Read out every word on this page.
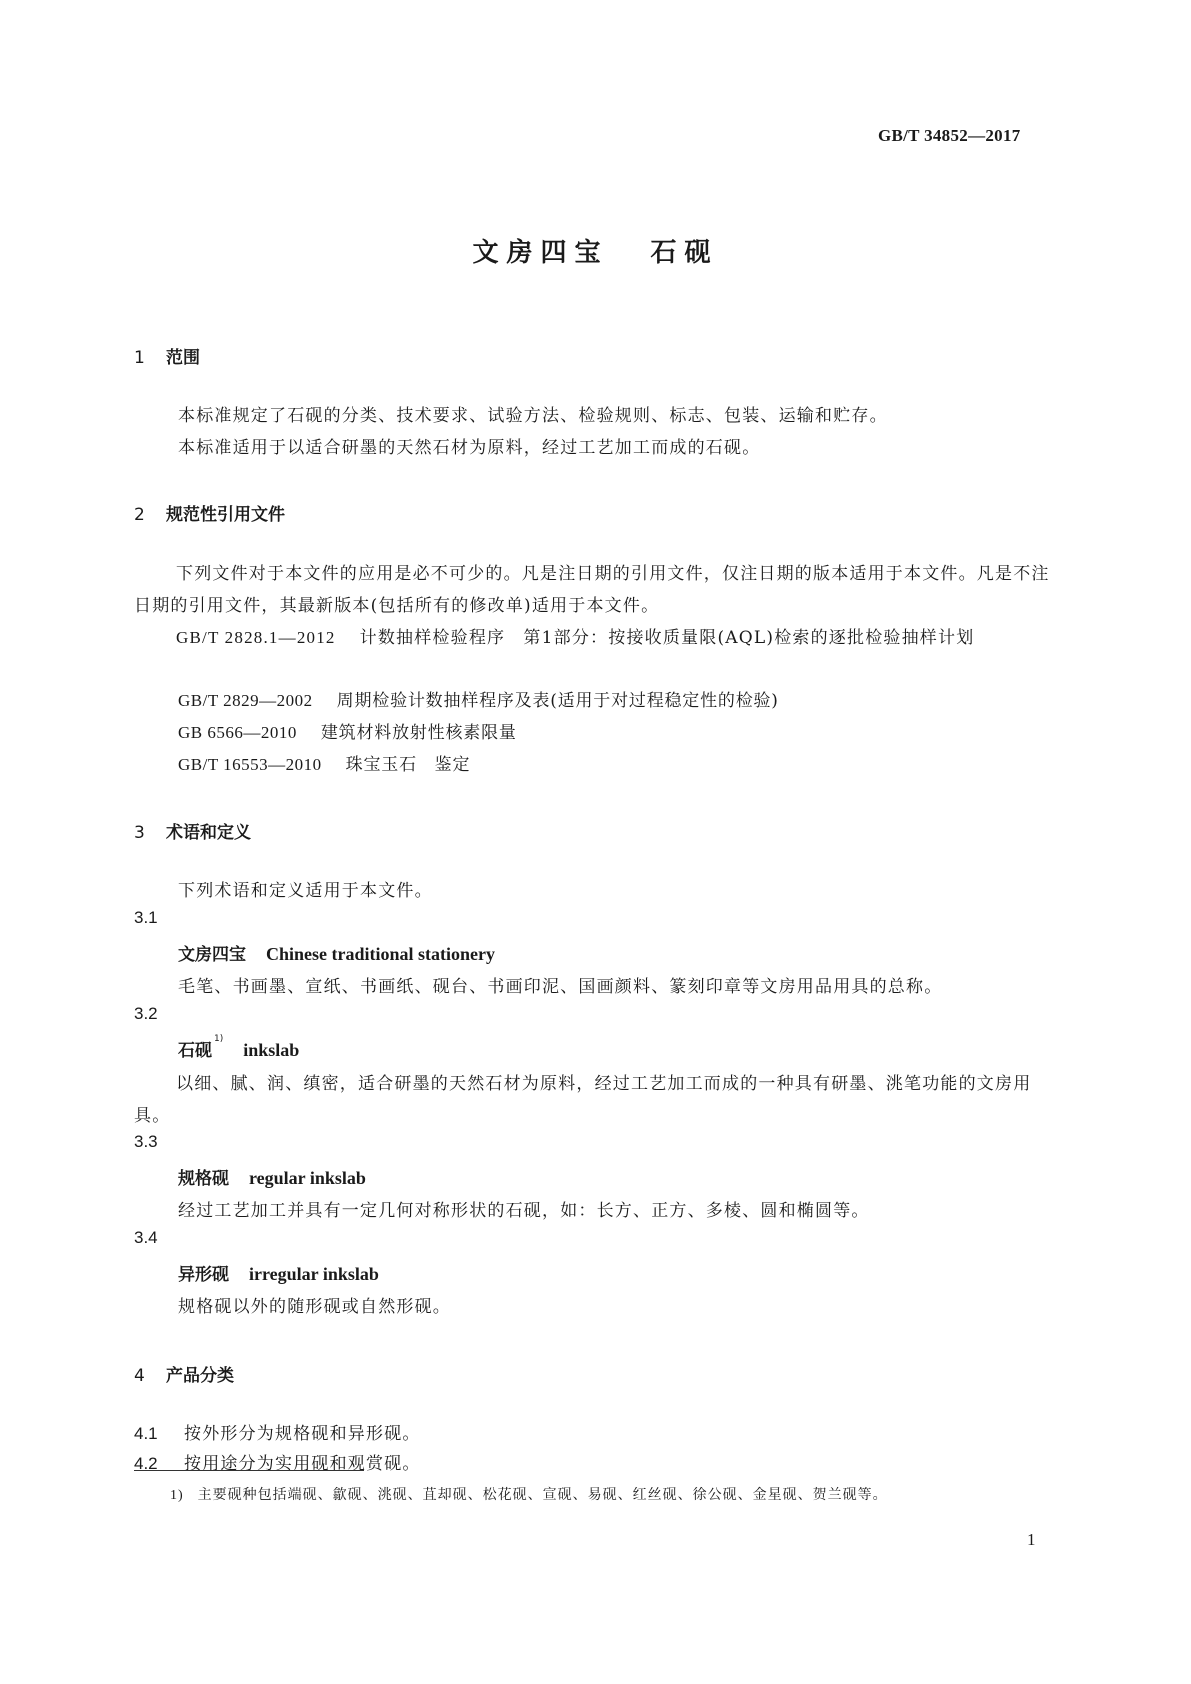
GB/T 34852—2017
文房四宝 石砚
1 范围
本标准规定了石砚的分类、技术要求、试验方法、检验规则、标志、包装、运输和贮存。
本标准适用于以适合研墨的天然石材为原料，经过工艺加工而成的石砚。
2 规范性引用文件
下列文件对于本文件的应用是必不可少的。凡是注日期的引用文件，仅注日期的版本适用于本文件。凡是不注日期的引用文件，其最新版本(包括所有的修改单)适用于本文件。
GB/T 2828.1—2012 计数抽样检验程序　第1部分：按接收质量限(AQL)检索的逐批检验抽样计划
GB/T 2829—2002 周期检验计数抽样程序及表(适用于对过程稳定性的检验)
GB 6566—2010 建筑材料放射性核素限量
GB/T 16553—2010 珠宝玉石　鉴定
3 术语和定义
下列术语和定义适用于本文件。
3.1
文房四宝 Chinese traditional stationery
毛笔、书画墨、宣纸、书画纸、砚台、书画印泥、国画颜料、篆刻印章等文房用品用具的总称。
3.2
石砚$^{1)}$inkslab
以细、腻、润、缜密，适合研墨的天然石材为原料，经过工艺加工而成的一种具有研墨、洮笔功能的文房用具。
3.3
规格砚 regular inkslab
经过工艺加工并具有一定几何对称形状的石砚，如：长方、正方、多棱、圆和椭圆等。
3.4
异形砚 irregular inkslab
规格砚以外的随形砚或自然形砚。
4 产品分类
4.1 按外形分为规格砚和异形砚。
4.2 按用途分为实用砚和观赏砚。
1) 主要砚种包括端砚、歙砚、洮砚、苴却砚、松花砚、宣砚、易砚、红丝砚、徐公砚、金星砚、贺兰砚等。
1
